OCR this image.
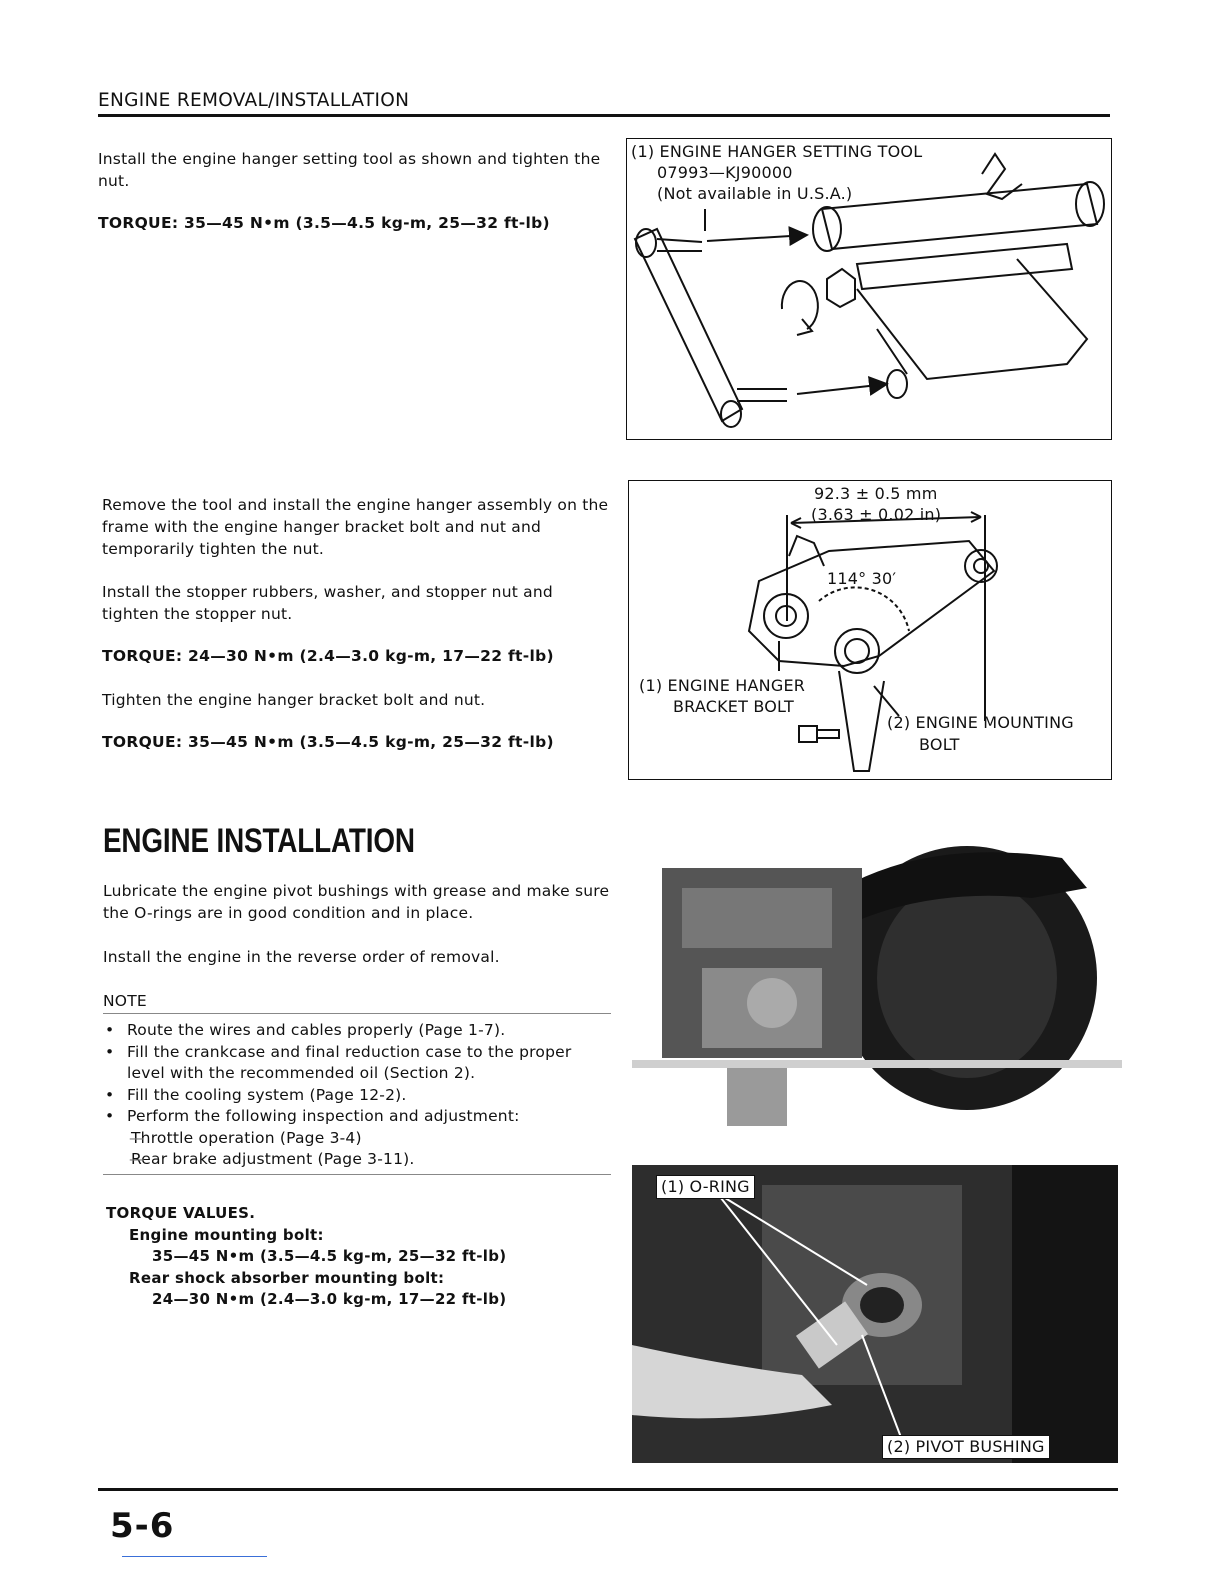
ENGINE REMOVAL/INSTALLATION
Install the engine hanger setting tool as shown and tighten the nut.
TORQUE: 35—45 N•m (3.5—4.5 kg-m, 25—32 ft-lb)
(1) ENGINE HANGER SETTING TOOL
07993—KJ90000
(Not available in U.S.A.)
Remove the tool and install the engine hanger assembly on the frame with the engine hanger bracket bolt and nut and temporarily tighten the nut.
Install the stopper rubbers, washer, and stopper nut and tighten the stopper nut.
TORQUE: 24—30 N•m (2.4—3.0 kg-m, 17—22 ft-lb)
Tighten the engine hanger bracket bolt and nut.
TORQUE: 35—45 N•m (3.5—4.5 kg-m, 25—32 ft-lb)
92.3 ± 0.5 mm
(3.63 ± 0.02 in)
114° 30′
(1) ENGINE HANGER
BRACKET BOLT
(2) ENGINE MOUNTING
BOLT
ENGINE INSTALLATION
Lubricate the engine pivot bushings with grease and make sure the O-rings are in good condition and in place.
Install the engine in the reverse order of removal.
NOTE
• Route the wires and cables properly (Page 1-7).
• Fill the crankcase and final reduction case to the proper level with the recommended oil (Section 2).
• Fill the cooling system (Page 12-2).
• Perform the following inspection and adjustment:
— Throttle operation (Page 3-4)
— Rear brake adjustment (Page 3-11).
TORQUE VALUES.
Engine mounting bolt:
35—45 N•m (3.5—4.5 kg-m, 25—32 ft-lb)
Rear shock absorber mounting bolt:
24—30 N•m (2.4—3.0 kg-m, 17—22 ft-lb)
(1) O-RING
(2) PIVOT BUSHING
5-6
